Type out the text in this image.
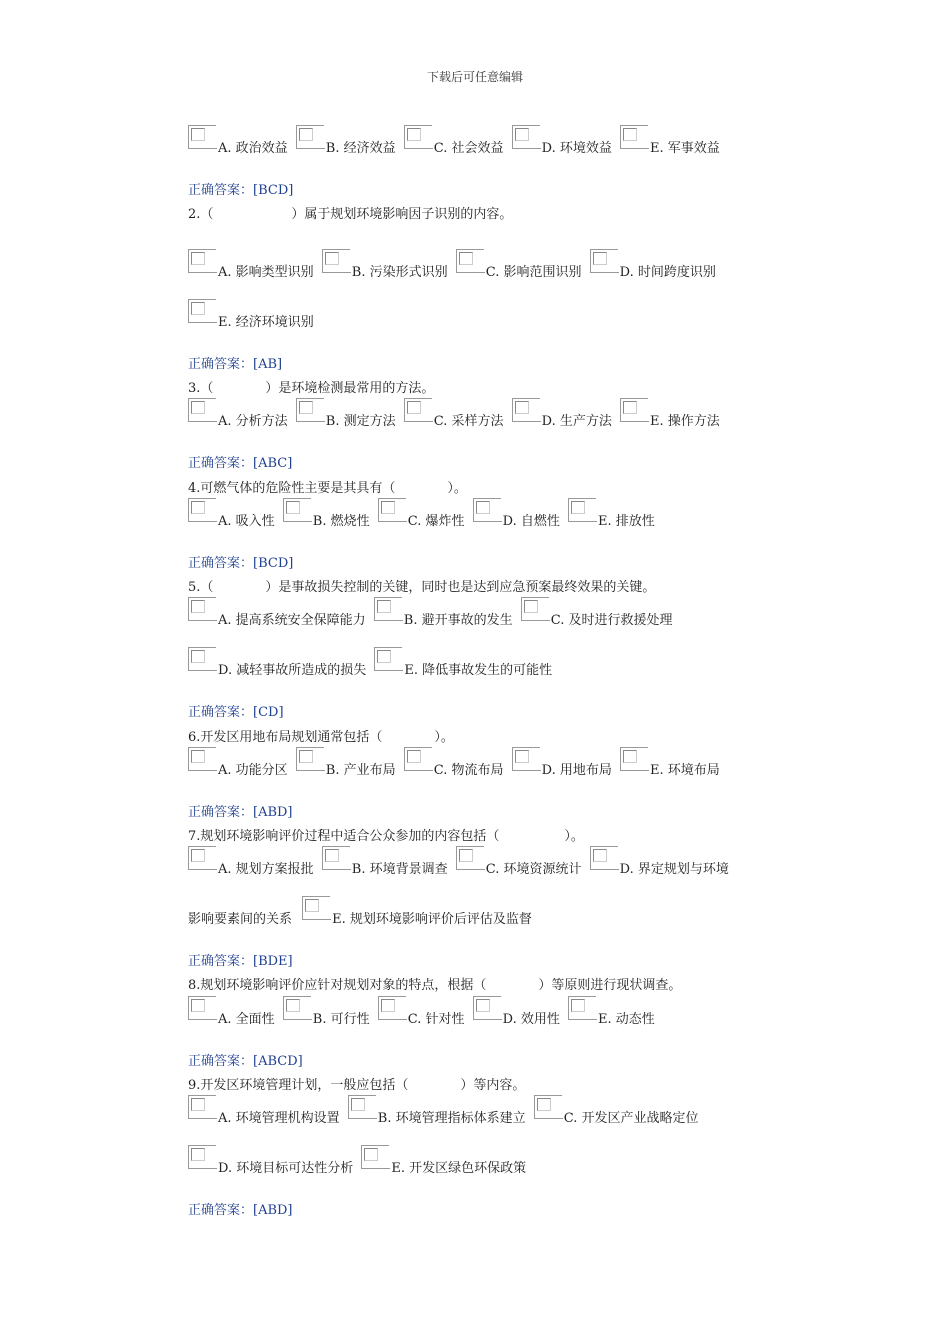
下载后可任意编辑
A. 政治效益	B. 经济效益	C. 社会效益	D. 环境效益	E. 军事效益
正确答案：[BCD]
2.（　　　　　　）属于规划环境影响因子识别的内容。
A. 影响类型识别	B. 污染形式识别	C. 影响范围识别	D. 时间跨度识别
E. 经济环境识别
正确答案：[AB]
3.（　　　　）是环境检测最常用的方法。
A. 分析方法	B. 测定方法	C. 采样方法	D. 生产方法	E. 操作方法
正确答案：[ABC]
4.可燃气体的危险性主要是其具有（　　　　）。
A. 吸入性	B. 燃烧性	C. 爆炸性	D. 自燃性	E. 排放性
正确答案：[BCD]
5.（　　　　）是事故损失控制的关键，同时也是达到应急预案最终效果的关键。
A. 提高系统安全保障能力	B. 避开事故的发生	C. 及时进行救援处理
D. 减轻事故所造成的损失	E. 降低事故发生的可能性
正确答案：[CD]
6.开发区用地布局规划通常包括（　　　　）。
A. 功能分区	B. 产业布局	C. 物流布局	D. 用地布局	E. 环境布局
正确答案：[ABD]
7.规划环境影响评价过程中适合公众参加的内容包括（　　　　　）。
A. 规划方案报批	B. 环境背景调查	C. 环境资源统计	D. 界定规划与环境
影响要素间的关系	E. 规划环境影响评价后评估及监督
正确答案：[BDE]
8.规划环境影响评价应针对规划对象的特点，根据（　　　　）等原则进行现状调查。
A. 全面性	B. 可行性	C. 针对性	D. 效用性	E. 动态性
正确答案：[ABCD]
9.开发区环境管理计划，一般应包括（　　　　）等内容。
A. 环境管理机构设置	B. 环境管理指标体系建立	C. 开发区产业战略定位
D. 环境目标可达性分析	E. 开发区绿色环保政策
正确答案：[ABD]
